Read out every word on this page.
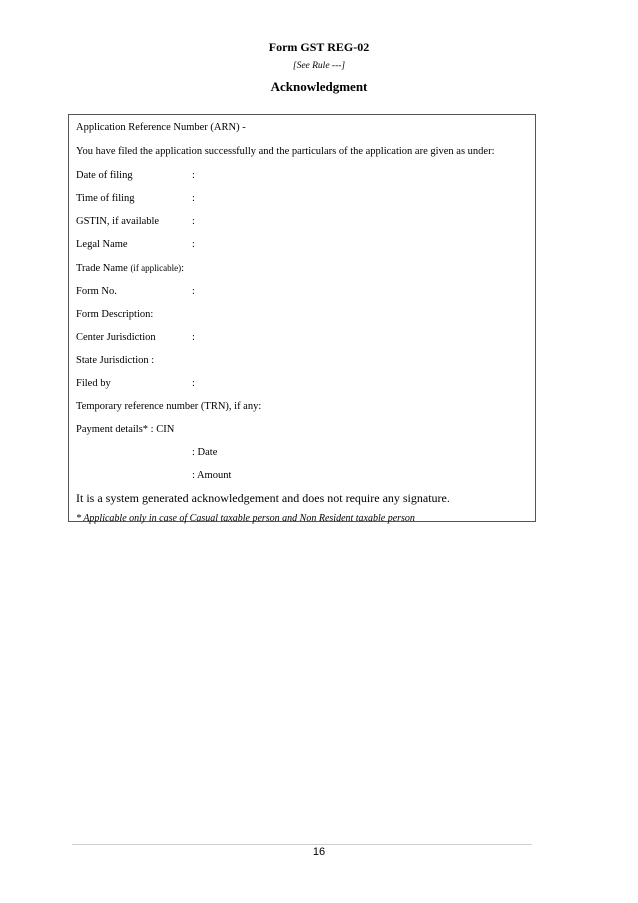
Form GST REG-02
[See Rule ---]
Acknowledgment
Application Reference Number (ARN) -
You have filed the application successfully and the particulars of the application are given as under:
Date of filing	:
Time of filing	:
GSTIN, if available	:
Legal Name	:
Trade Name (if applicable):
Form No.	:
Form Description:
Center Jurisdiction	:
State Jurisdiction :
Filed by	:
Temporary reference number (TRN), if any:
Payment details* : CIN
: Date
: Amount
It is a system generated acknowledgement and does not require any signature.
* Applicable only in case of Casual taxable person and Non Resident taxable person
16
